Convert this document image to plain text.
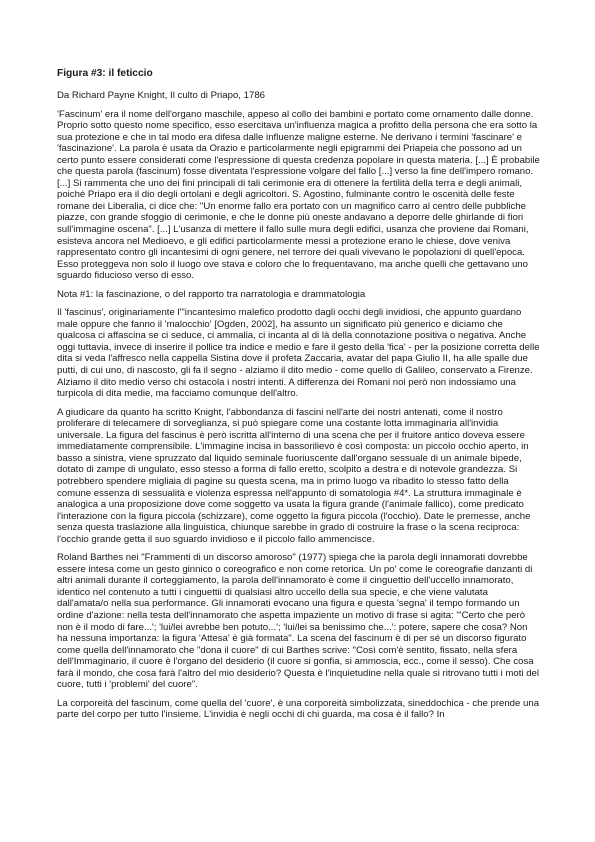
Figura #3: il feticcio

Da Richard Payne Knight, Il culto di Priapo, 1786

'Fascinum' era il nome dell'organo maschile, appeso al collo dei bambini e portato come ornamento dalle donne. Proprio sotto questo nome specifico, esso esercitava un'influenza magica a profitto della persona che era sotto la sua protezione e che in tal modo era difesa dalle influenze maligne esterne. Ne derivano i termini 'fascinare' e 'fascinazione'. La parola è usata da Orazio e particolarmente negli epigrammi dei Priapeia che possono ad un certo punto essere considerati come l'espressione di questa credenza popolare in questa materia. [...] È probabile che questa parola (fascinum) fosse diventata l'espressione volgare del fallo [...] verso la fine dell'impero romano. [...] Si rammenta che uno dei fini principali di tali cerimonie era di ottenere la fertilità della terra e degli animali, poiché Priapo era il dio degli ortolani e degli agricoltori. S. Agostino, fulminante contro le oscenità delle feste romane dei Liberalia, ci dice che: "Un enorme fallo era portato con un magnifico carro al centro delle pubbliche piazze, con grande sfoggio di cerimonie, e che le donne più oneste andavano a deporre delle ghirlande di fiori sull'immagine oscena". [...] L'usanza di mettere il fallo sulle mura degli edifici, usanza che proviene dai Romani, esisteva ancora nel Medioevo, e gli edifici particolarmente messi a protezione erano le chiese, dove veniva rappresentato contro gli incantesimi di ogni genere, nel terrore dei quali vivevano le popolazioni di quell'epoca. Esso proteggeva non solo il luogo ove stava e coloro che lo frequentavano, ma anche quelli che gettavano uno sguardo fiducioso verso di esso.

Nota #1: la fascinazione, o del rapporto tra narratologia e drammatologia

Il 'fascinus', originariamente l'"incantesimo malefico prodotto dagli occhi degli invidiosi, che appunto guardano male oppure che fanno il 'malocchio' [Ogden, 2002], ha assunto un significato più generico e diciamo che qualcosa ci affascina se ci seduce, ci ammalia, ci incanta al di là della connotazione positiva o negativa. Anche oggi tuttavia, invece di inserire il pollice tra indice e medio e fare il gesto della 'fica' - per la posizione corretta delle dita si veda l'affresco nella cappella Sistina dove il profeta Zaccaria, avatar del papa Giulio II, ha alle spalle due putti, di cui uno, di nascosto, gli fa il segno - alziamo il dito medio - come quello di Galileo, conservato a Firenze. Alziamo il dito medio verso chi ostacola i nostri intenti. A differenza dei Romani noi però non indossiamo una turpicola di dita medie, ma facciamo comunque dell'altro.

A giudicare da quanto ha scritto Knight, l'abbondanza di fascini nell'arte dei nostri antenati, come il nostro proliferare di telecamere di sorveglianza, si può spiegare come una costante lotta immaginaria all'invidia universale. La figura del fascinus è però iscritta all'interno di una scena che per il fruitore antico doveva essere immediatamente comprensibile. L'immagine incisa in bassorilievo è così composta: un piccolo occhio aperto, in basso a sinistra, viene spruzzato dal liquido seminale fuoriuscente dall'organo sessuale di un animale bipede, dotato di zampe di ungulato, esso stesso a forma di fallo eretto, scolpito a destra e di notevole grandezza. Si potrebbero spendere migliaia di pagine su questa scena, ma in primo luogo va ribadito lo stesso fatto della comune essenza di sessualità e violenza espressa nell'appunto di somatologia #4*. La struttura immaginale è analogica a una proposizione dove come soggetto va usata la figura grande (l'animale fallico), come predicato l'interazione con la figura piccola (schizzare), come oggetto la figura piccola (l'occhio). Date le premesse, anche senza questa traslazione alla linguistica, chiunque sarebbe in grado di costruire la frase o la scena reciproca: l'occhio grande getta il suo sguardo invidioso e il piccolo fallo ammencisce.

Roland Barthes nei "Frammenti di un discorso amoroso" (1977) spiega che la parola degli innamorati dovrebbe essere intesa come un gesto ginnico o coreografico e non come retorica. Un po' come le coreografie danzanti di altri animali durante il corteggiamento, la parola dell'innamorato è come il cinguettio dell'uccello innamorato, identico nel contenuto a tutti i cinguettii di qualsiasi altro uccello della sua specie, e che viene valutata dall'amata/o nella sua performance. Gli innamorati evocano una figura e questa 'segna' il tempo formando un ordine d'azione: nella testa dell'innamorato che aspetta impaziente un motivo di frase si agita: "'Certo che però non è il modo di fare...'; 'lui/lei avrebbe ben potuto...'; 'lui/lei sa benissimo che...': potere, sapere che cosa? Non ha nessuna importanza: la figura 'Attesa' è già formata". La scena del fascinum è di per sé un discorso figurato come quella dell'innamorato che "dona il cuore" di cui Barthes scrive: "Così com'è sentito, fissato, nella sfera dell'Immaginario, il cuore è l'organo del desiderio (il cuore si gonfia, si ammoscia, ecc., come il sesso). Che cosa farà il mondo, che cosa farà l'altro del mio desiderio? Questa è l'inquietudine nella quale si ritrovano tutti i moti del cuore, tutti i 'problemi' del cuore".

La corporeità del fascinum, come quella del 'cuore', è una corporeità simbolizzata, sineddochica - che prende una parte del corpo per tutto l'insieme. L'invidia è negli occhi di chi guarda, ma cosa è il fallo? In
